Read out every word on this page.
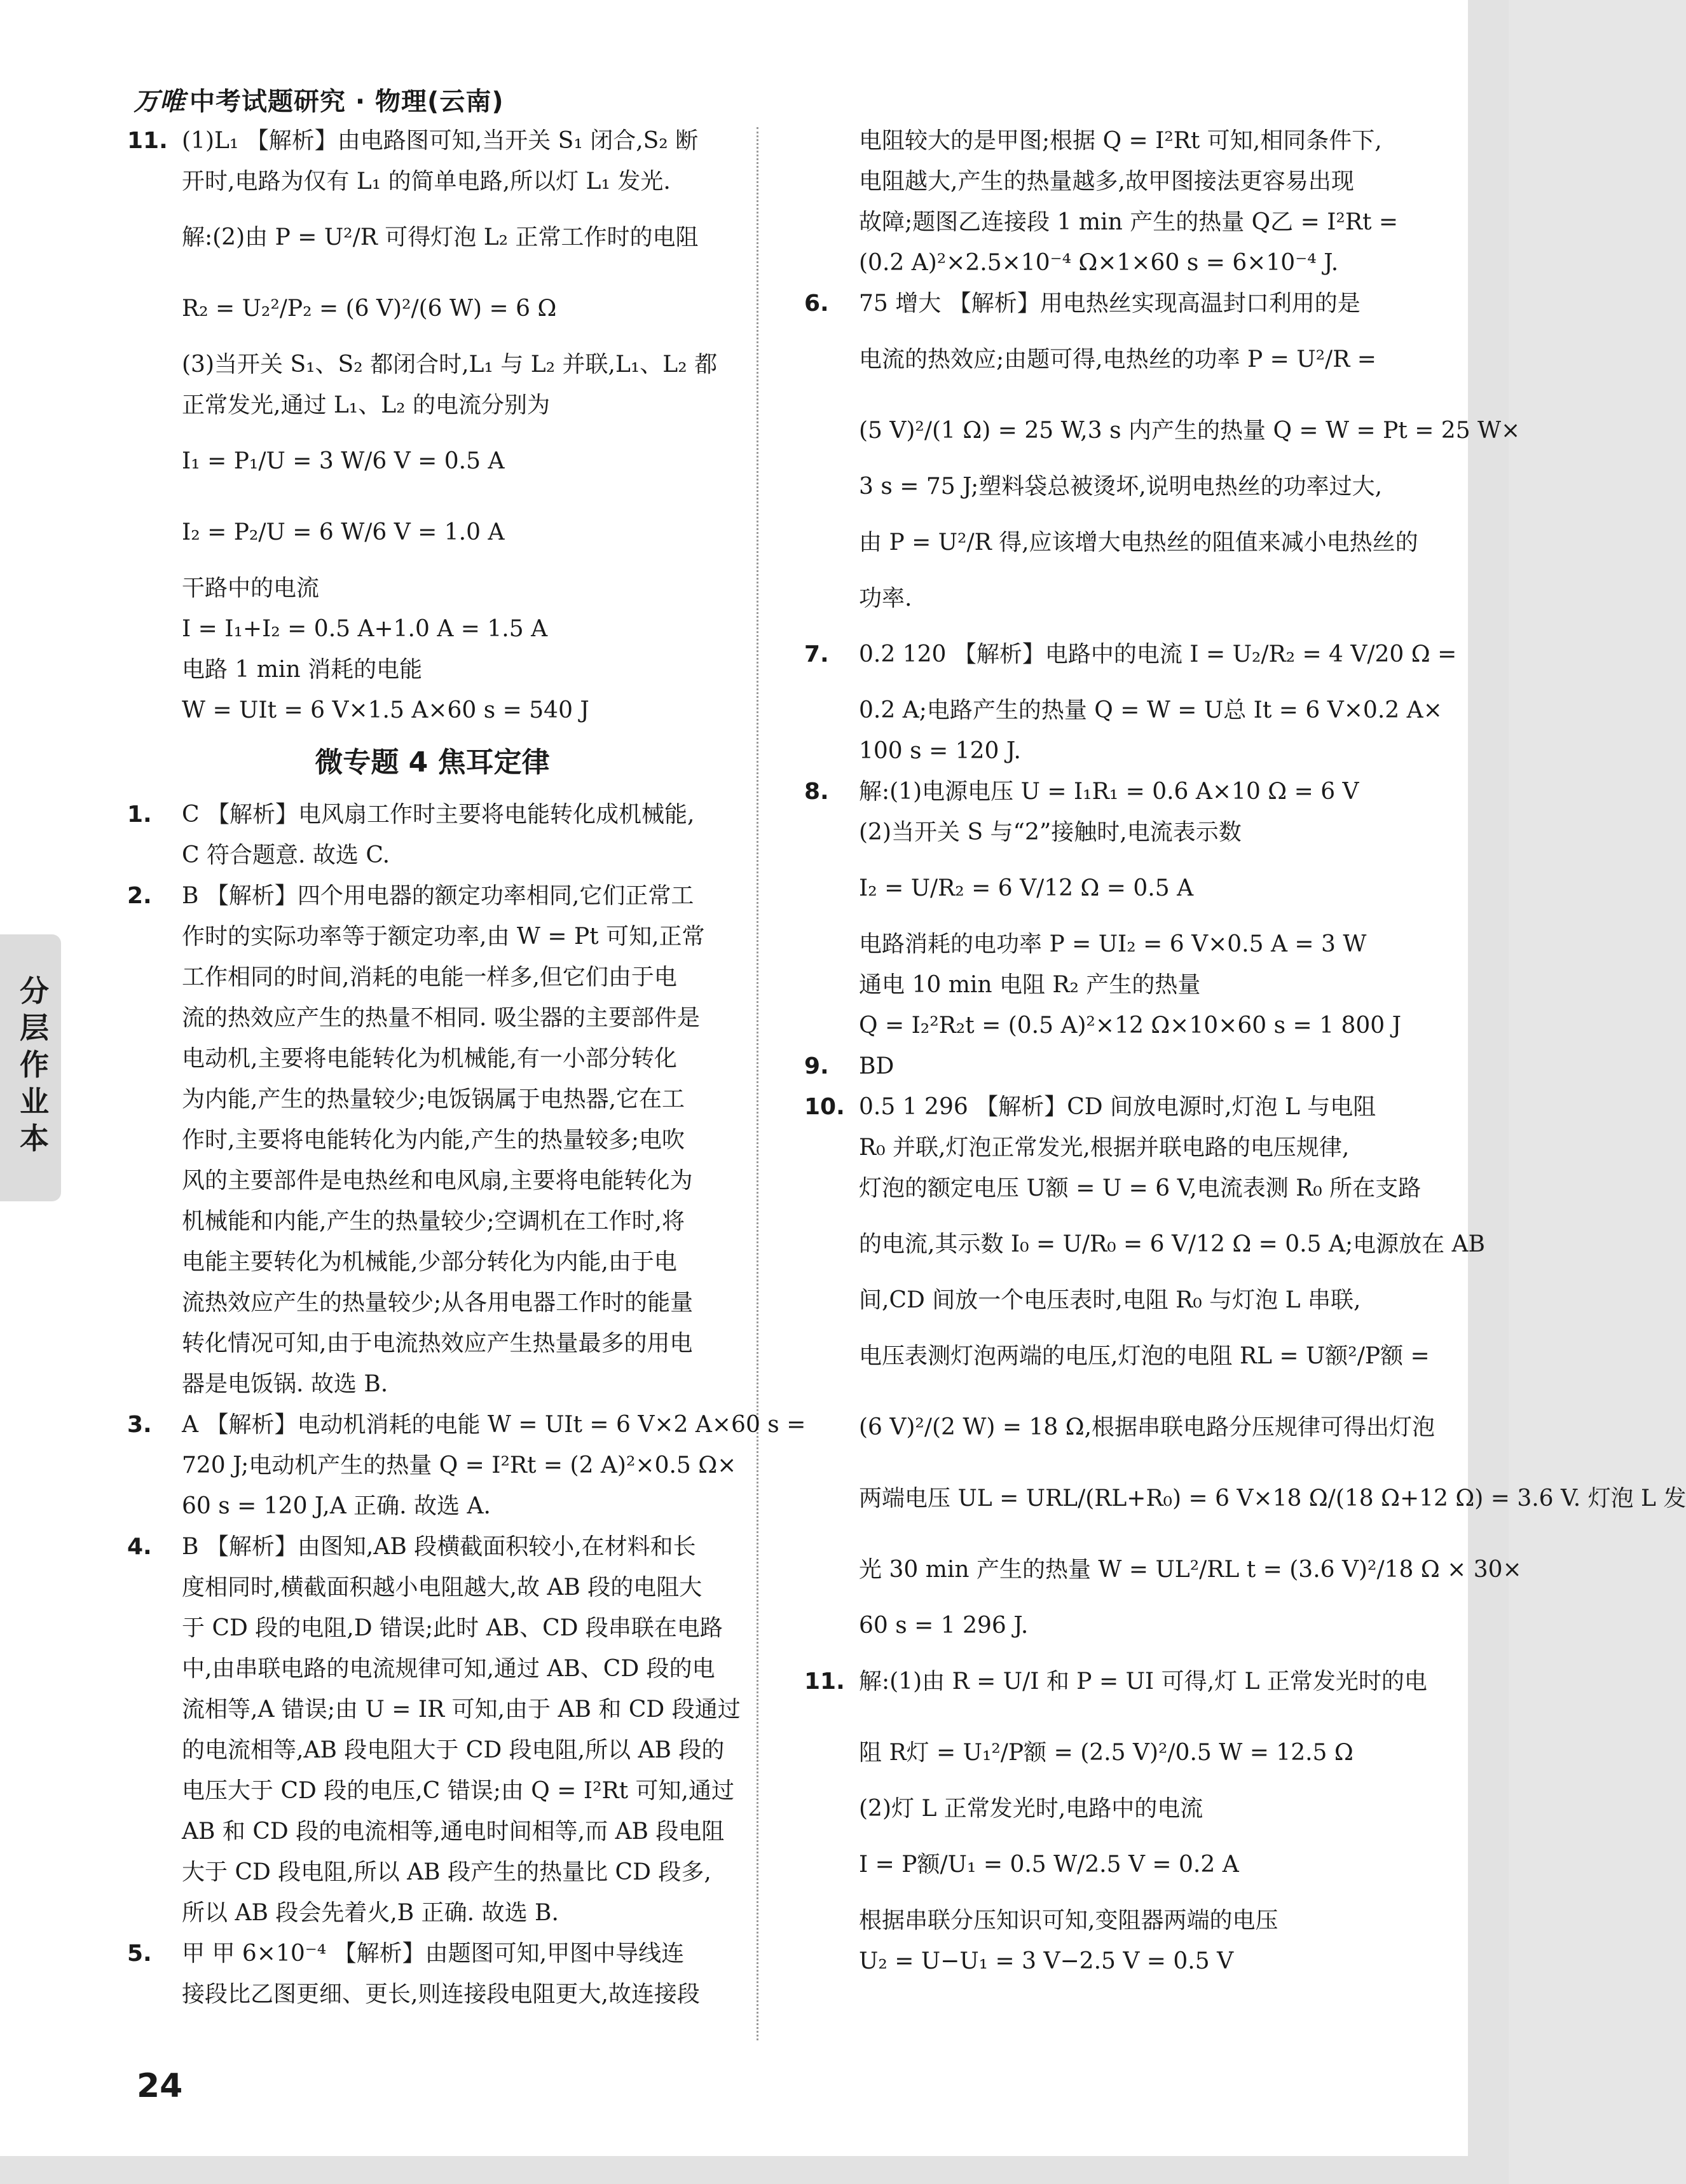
万唯 中考试题研究 · 物理(云南)
分层作业本
11. (1)L₁ 【解析】由电路图可知,当开关 S₁ 闭合,S₂ 断
开时,电路为仅有 L₁ 的简单电路,所以灯 L₁ 发光.
解:(2)由 P = U²/R 可得灯泡 L₂ 正常工作时的电阻
R₂ = U₂²/P₂ = (6 V)²/(6 W) = 6 Ω
(3)当开关 S₁、S₂ 都闭合时,L₁ 与 L₂ 并联,L₁、L₂ 都
正常发光,通过 L₁、L₂ 的电流分别为
I₁ = P₁/U = 3 W/6 V = 0.5 A
I₂ = P₂/U = 6 W/6 V = 1.0 A
干路中的电流
I = I₁+I₂ = 0.5 A+1.0 A = 1.5 A
电路 1 min 消耗的电能
W = UIt = 6 V×1.5 A×60 s = 540 J
微专题 4 焦耳定律
1. C 【解析】电风扇工作时主要将电能转化成机械能,
C 符合题意. 故选 C.
2. B 【解析】四个用电器的额定功率相同,它们正常工
作时的实际功率等于额定功率,由 W = Pt 可知,正常
工作相同的时间,消耗的电能一样多,但它们由于电
流的热效应产生的热量不相同. 吸尘器的主要部件是
电动机,主要将电能转化为机械能,有一小部分转化
为内能,产生的热量较少;电饭锅属于电热器,它在工
作时,主要将电能转化为内能,产生的热量较多;电吹
风的主要部件是电热丝和电风扇,主要将电能转化为
机械能和内能,产生的热量较少;空调机在工作时,将
电能主要转化为机械能,少部分转化为内能,由于电
流热效应产生的热量较少;从各用电器工作时的能量
转化情况可知,由于电流热效应产生热量最多的用电
器是电饭锅. 故选 B.
3. A 【解析】电动机消耗的电能 W = UIt = 6 V×2 A×60 s =
720 J;电动机产生的热量 Q = I²Rt = (2 A)²×0.5 Ω×
60 s = 120 J,A 正确. 故选 A.
4. B 【解析】由图知,AB 段横截面积较小,在材料和长
度相同时,横截面积越小电阻越大,故 AB 段的电阻大
于 CD 段的电阻,D 错误;此时 AB、CD 段串联在电路
中,由串联电路的电流规律可知,通过 AB、CD 段的电
流相等,A 错误;由 U = IR 可知,由于 AB 和 CD 段通过
的电流相等,AB 段电阻大于 CD 段电阻,所以 AB 段的
电压大于 CD 段的电压,C 错误;由 Q = I²Rt 可知,通过
AB 和 CD 段的电流相等,通电时间相等,而 AB 段电阻
大于 CD 段电阻,所以 AB 段产生的热量比 CD 段多,
所以 AB 段会先着火,B 正确. 故选 B.
5. 甲 甲 6×10⁻⁴ 【解析】由题图可知,甲图中导线连
接段比乙图更细、更长,则连接段电阻更大,故连接段
电阻较大的是甲图;根据 Q = I²Rt 可知,相同条件下,
电阻越大,产生的热量越多,故甲图接法更容易出现
故障;题图乙连接段 1 min 产生的热量 Q乙 = I²Rt =
(0.2 A)²×2.5×10⁻⁴ Ω×1×60 s = 6×10⁻⁴ J.
6. 75 增大 【解析】用电热丝实现高温封口利用的是
电流的热效应;由题可得,电热丝的功率 P = U²/R =
(5 V)²/(1 Ω) = 25 W,3 s 内产生的热量 Q = W = Pt = 25 W×
3 s = 75 J;塑料袋总被烫坏,说明电热丝的功率过大,
由 P = U²/R 得,应该增大电热丝的阻值来减小电热丝的
功率.
7. 0.2 120 【解析】电路中的电流 I = U₂/R₂ = 4 V/20 Ω =
0.2 A;电路产生的热量 Q = W = U总 It = 6 V×0.2 A×
100 s = 120 J.
8. 解:(1)电源电压 U = I₁R₁ = 0.6 A×10 Ω = 6 V
(2)当开关 S 与“2”接触时,电流表示数
I₂ = U/R₂ = 6 V/12 Ω = 0.5 A
电路消耗的电功率 P = UI₂ = 6 V×0.5 A = 3 W
通电 10 min 电阻 R₂ 产生的热量
Q = I₂²R₂t = (0.5 A)²×12 Ω×10×60 s = 1 800 J
9. BD
10. 0.5 1 296 【解析】CD 间放电源时,灯泡 L 与电阻
R₀ 并联,灯泡正常发光,根据并联电路的电压规律,
灯泡的额定电压 U额 = U = 6 V,电流表测 R₀ 所在支路
的电流,其示数 I₀ = U/R₀ = 6 V/12 Ω = 0.5 A;电源放在 AB
间,CD 间放一个电压表时,电阻 R₀ 与灯泡 L 串联,
电压表测灯泡两端的电压,灯泡的电阻 RL = U额²/P额 =
(6 V)²/(2 W) = 18 Ω,根据串联电路分压规律可得出灯泡
两端电压 UL = URL/(RL+R₀) = 6 V×18 Ω/(18 Ω+12 Ω) = 3.6 V. 灯泡 L 发
光 30 min 产生的热量 W = UL²/RL t = (3.6 V)²/18 Ω × 30×
60 s = 1 296 J.
11. 解:(1)由 R = U/I 和 P = UI 可得,灯 L 正常发光时的电
阻 R灯 = U₁²/P额 = (2.5 V)²/0.5 W = 12.5 Ω
(2)灯 L 正常发光时,电路中的电流
I = P额/U₁ = 0.5 W/2.5 V = 0.2 A
根据串联分压知识可知,变阻器两端的电压
U₂ = U−U₁ = 3 V−2.5 V = 0.5 V
24
